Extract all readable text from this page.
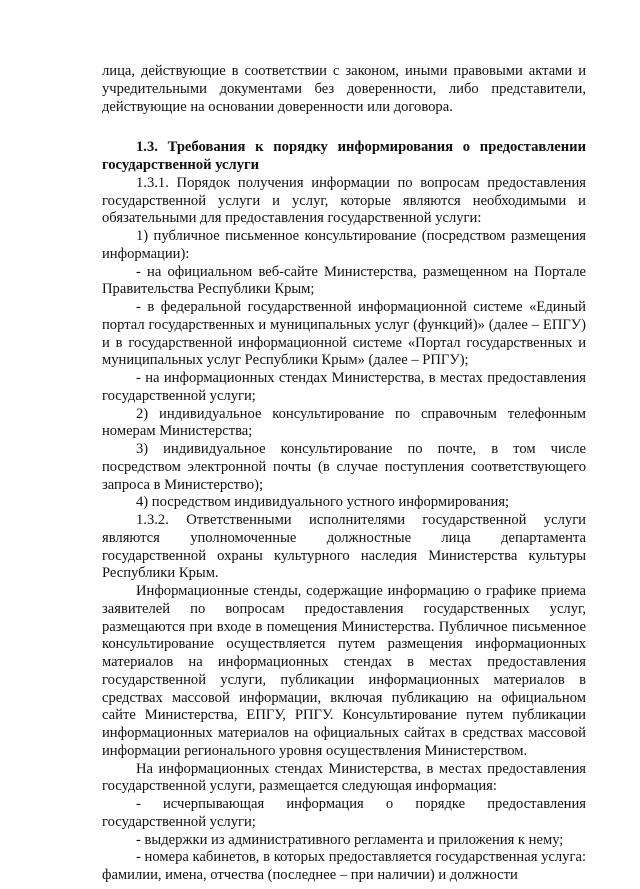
лица, действующие в соответствии с законом, иными правовыми актами и учредительными документами без доверенности, либо представители, действующие на основании доверенности или договора.

1.3. Требования к порядку информирования о предоставлении государственной услуги

1.3.1. Порядок получения информации по вопросам предоставления государственной услуги и услуг, которые являются необходимыми и обязательными для предоставления государственной услуги:

1) публичное письменное консультирование (посредством размещения информации):

- на официальном веб-сайте Министерства, размещенном на Портале Правительства Республики Крым;

- в федеральной государственной информационной системе «Единый портал государственных и муниципальных услуг (функций)» (далее – ЕПГУ) и в государственной информационной системе «Портал государственных и муниципальных услуг Республики Крым» (далее – РПГУ);

- на информационных стендах Министерства, в местах предоставления государственной услуги;

2) индивидуальное консультирование по справочным телефонным номерам Министерства;

3) индивидуальное консультирование по почте, в том числе посредством электронной почты (в случае поступления соответствующего запроса в Министерство);

4) посредством индивидуального устного информирования;

1.3.2. Ответственными исполнителями государственной услуги являются уполномоченные должностные лица департамента государственной охраны культурного наследия Министерства культуры Республики Крым.

Информационные стенды, содержащие информацию о графике приема заявителей по вопросам предоставления государственных услуг, размещаются при входе в помещения Министерства. Публичное письменное консультирование осуществляется путем размещения информационных материалов на информационных стендах в местах предоставления государственной услуги, публикации информационных материалов в средствах массовой информации, включая публикацию на официальном сайте Министерства, ЕПГУ, РПГУ. Консультирование путем публикации информационных материалов на официальных сайтах в средствах массовой информации регионального уровня осуществления Министерством.

На информационных стендах Министерства, в местах предоставления государственной услуги, размещается следующая информация:

- исчерпывающая информация о порядке предоставления государственной услуги;

- выдержки из административного регламента и приложения к нему;

- номера кабинетов, в которых предоставляется государственная услуга: фамилии, имена, отчества (последнее – при наличии) и должности
